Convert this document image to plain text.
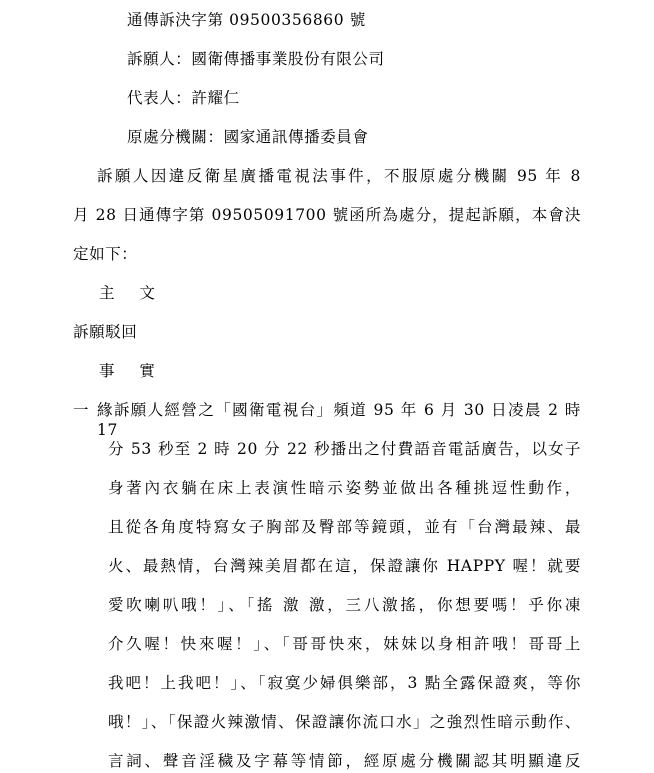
通傳訴決字第 09500356860 號
訴願人：國衛傳播事業股份有限公司
代表人：許耀仁
原處分機關：國家通訊傳播委員會
訴願人因違反衛星廣播電視法事件，不服原處分機關 95 年 8
月 28 日通傳字第 09505091700 號函所為處分，提起訴願，本會決
定如下：
主 文
訴願駁回
事 實
一 緣訴願人經營之「國衛電視台」頻道 95 年 6 月 30 日凌晨 2 時 17
分 53 秒至 2 時 20 分 22 秒播出之付費語音電話廣告，以女子
身著內衣躺在床上表演性暗示姿勢並做出各種挑逗性動作，
且從各角度特寫女子胸部及臀部等鏡頭，並有「台灣最辣、最
火、最熱情，台灣辣美眉都在這，保證讓你 HAPPY 喔！就要
愛吹喇叭哦！」、「搖 激 激，三八激搖，你想要嗎！乎你凍
介久喔！快來喔！」、「哥哥快來，妹妹以身相許哦！哥哥上
我吧！上我吧！」、「寂寞少婦俱樂部，3 點全露保證爽，等你
哦！」、「保證火辣激情、保證讓你流口水」之強烈性暗示動作、
言詞、聲音淫穢及字幕等情節，經原處分機關認其明顯違反
